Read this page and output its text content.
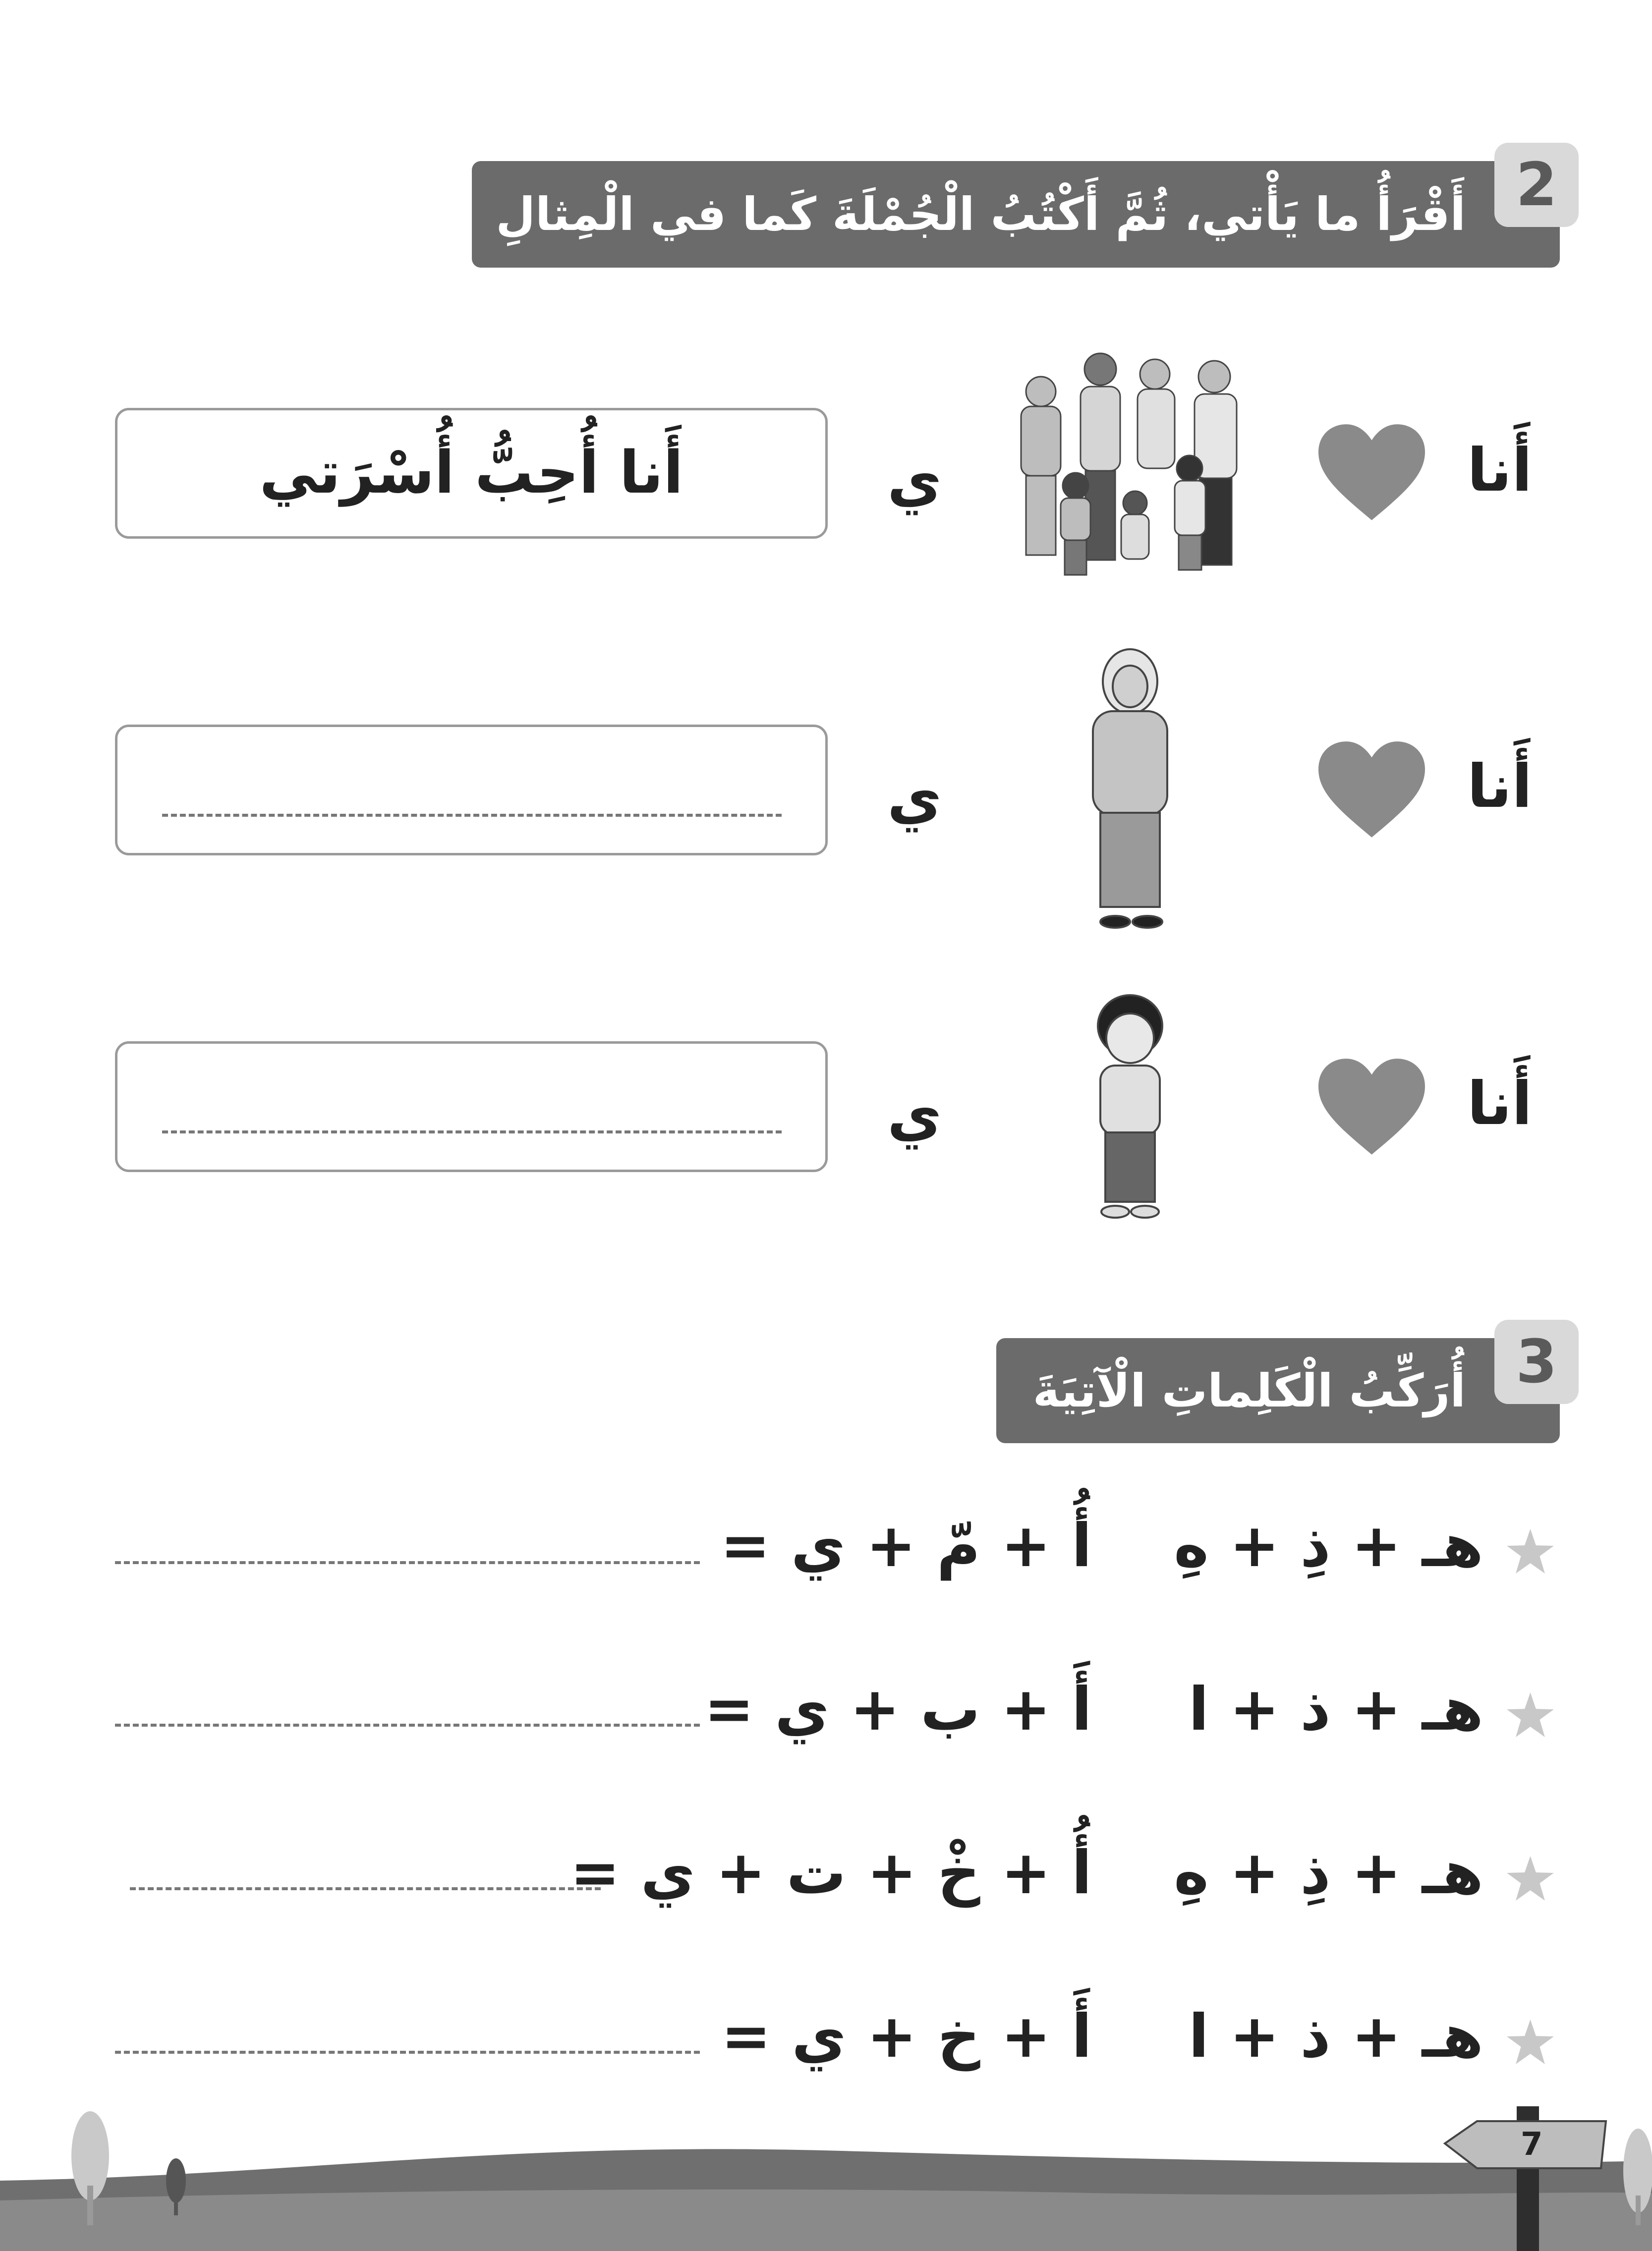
أَقْرَأُ ما يَأْتي، ثُمَّ أَكْتُبُ الْجُمْلَةَ كَما في الْمِثالِ 2
أَنا
ي
أَنا أُحِبُّ أُسْرَتي
أَنا
ي
أَنا
ي
أُرَكِّبُ الْكَلِماتِ الْآتِيَةَ 3
هـ + ذِ + هِ
أُ + مّ + ي =
هـ + ذ + ا
أَ + ب + ي =
هـ + ذِ + هِ
أُ + خْ + ت + ي =
هـ + ذ + ا
أَ + خ + ي =
7
